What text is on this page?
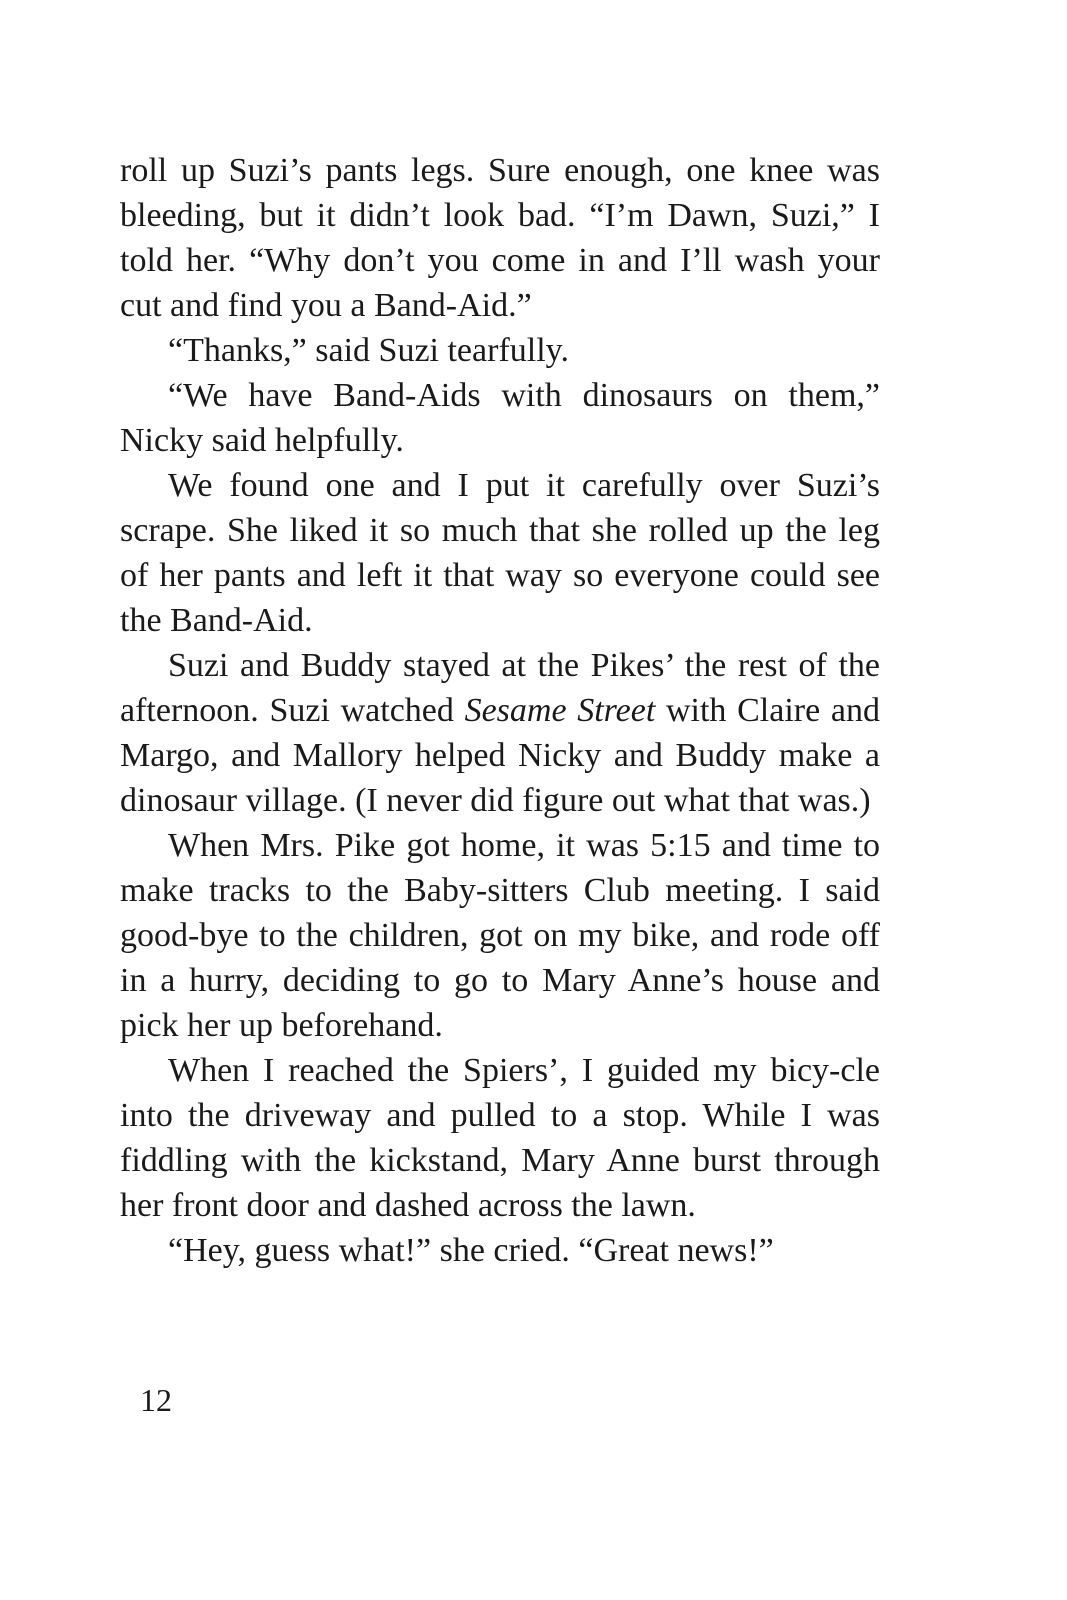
roll up Suzi’s pants legs. Sure enough, one knee was bleeding, but it didn’t look bad. “I’m Dawn, Suzi,” I told her. “Why don’t you come in and I’ll wash your cut and find you a Band-Aid.”

“Thanks,” said Suzi tearfully.

“We have Band-Aids with dinosaurs on them,” Nicky said helpfully.

We found one and I put it carefully over Suzi’s scrape. She liked it so much that she rolled up the leg of her pants and left it that way so everyone could see the Band-Aid.

Suzi and Buddy stayed at the Pikes’ the rest of the afternoon. Suzi watched Sesame Street with Claire and Margo, and Mallory helped Nicky and Buddy make a dinosaur village. (I never did figure out what that was.)

When Mrs. Pike got home, it was 5:15 and time to make tracks to the Baby-sitters Club meeting. I said good-bye to the children, got on my bike, and rode off in a hurry, deciding to go to Mary Anne’s house and pick her up beforehand.

When I reached the Spiers’, I guided my bicy-cle into the driveway and pulled to a stop. While I was fiddling with the kickstand, Mary Anne burst through her front door and dashed across the lawn.

“Hey, guess what!” she cried. “Great news!”

12
